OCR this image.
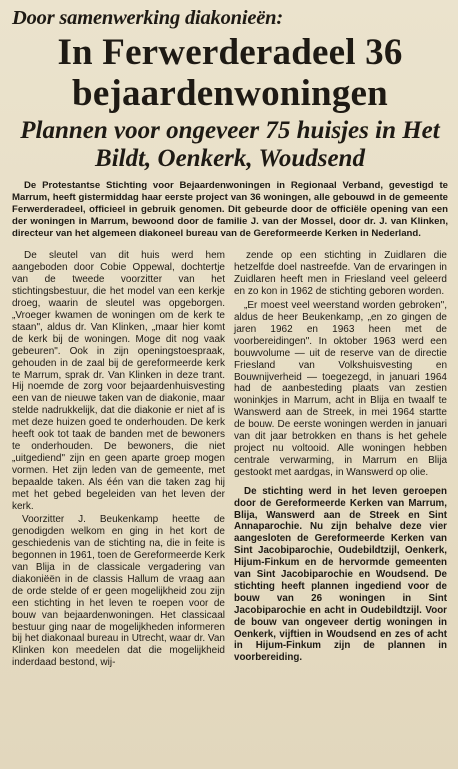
Door samenwerking diakonieën:
In Ferwerderadeel 36 bejaardenwoningen
Plannen voor ongeveer 75 huisjes in Het Bildt, Oenkerk, Woudsend

De Protestantse Stichting voor Bejaardenwoningen in Regionaal Verband, gevestigd te Marrum, heeft gistermiddag haar eerste project van 36 woningen, alle gebouwd in de gemeente Ferwerderadeel, officieel in gebruik genomen. Dit gebeurde door de officiële opening van een der woningen in Marrum, bewoond door de familie J. van der Mossel, door dr. J. van Klinken, directeur van het algemeen diakoneel bureau van de Gereformeerde Kerken in Nederland.

De sleutel van dit huis werd hem aangeboden door Cobie Oppewal, dochtertje van de tweede voorzitter van het stichtingsbestuur, die het model van een kerkje droeg, waarin de sleutel was opgeborgen. „Vroeger kwamen de woningen om de kerk te staan", aldus dr. Van Klinken, „maar hier komt de kerk bij de woningen. Moge dit nog vaak gebeuren". Ook in zijn openingstoespraak, gehouden in de zaal bij de gereformeerde kerk te Marrum, sprak dr. Van Klinken in deze trant. Hij noemde de zorg voor bejaardenhuisvesting een van de nieuwe taken van de diakonie, maar stelde nadrukkelijk, dat die diakonie er niet af is met deze huizen goed te onderhouden. De kerk heeft ook tot taak de banden met de bewoners te onderhouden. De bewoners, die niet „uitgediend" zijn en geen aparte groep mogen vormen. Het zijn leden van de gemeente, met bepaalde taken. Als één van die taken zag hij met het gebed begeleiden van het leven der kerk.

Voorzitter J. Beukenkamp heette de genodigden welkom en ging in het kort de geschiedenis van de stichting na, die in feite is begonnen in 1961, toen de Gereformeerde Kerk van Blija in de classicale vergadering van diakoniëën in de classis Hallum de vraag aan de orde stelde of er geen mogelijkheid zou zijn een stichting in het leven te roepen voor de bouw van bejaardenwoningen. Het classicaal bestuur ging naar de mogelijkheden informeren bij het diakonaal bureau in Utrecht, waar dr. Van Klinken kon meedelen dat die mogelijkheid inderdaad bestond, wij-

zende op een stichting in Zuidlaren die hetzelfde doel nastreefde. Van de ervaringen in Zuidlaren heeft men in Friesland veel geleerd en zo kon in 1962 de stichting geboren worden.

„Er moest veel weerstand worden gebroken", aldus de heer Beukenkamp, „en zo gingen de jaren 1962 en 1963 heen met de voorbereidingen". In oktober 1963 werd een bouwvolume — uit de reserve van de directie Friesland van Volkshuisvesting en Bouwnijverheid — toegezegd, in januari 1964 had de aanbesteding plaats van zestien woninkjes in Marrum, acht in Blija en twaalf te Wanswerd aan de Streek, in mei 1964 startte de bouw. De eerste woningen werden in januari van dit jaar betrokken en thans is het gehele project nu voltooid. Alle woningen hebben centrale verwarming, in Marrum en Blija gestookt met aardgas, in Wanswerd op olie.

De stichting werd in het leven geroepen door de Gereformeerde Kerken van Marrum, Blija, Wanswerd aan de Streek en Sint Annaparochie. Nu zijn behalve deze vier aangesloten de Gereformeerde Kerken van Sint Jacobiparochie, Oudebildtzijl, Oenkerk, Hijum-Finkum en de hervormde gemeenten van Sint Jacobiparochie en Woudsend. De stichting heeft plannen ingediend voor de bouw van 26 woningen in Sint Jacobiparochie en acht in Oudebildtzijl. Voor de bouw van ongeveer dertig woningen in Oenkerk, vijftien in Woudsend en zes of acht in Hijum-Finkum zijn de plannen in voorbereiding.
